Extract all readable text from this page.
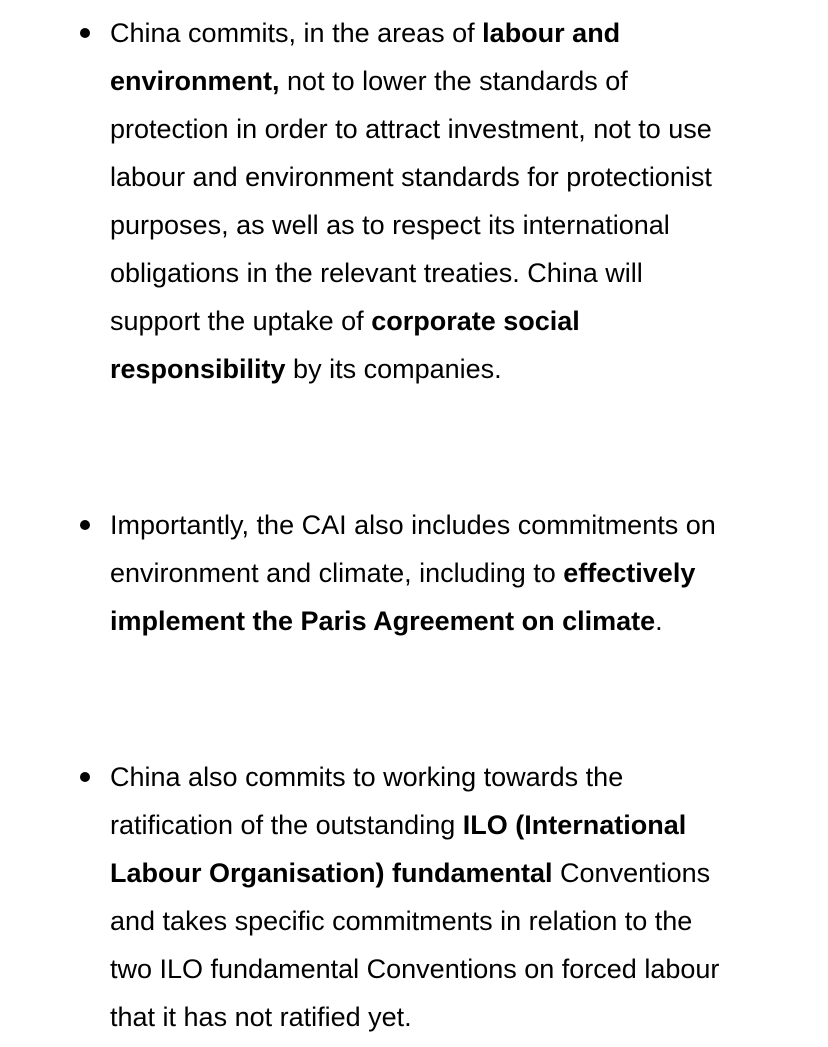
China commits, in the areas of labour and
environment, not to lower the standards of
protection in order to attract investment, not to use
labour and environment standards for protectionist
purposes, as well as to respect its international
obligations in the relevant treaties. China will
support the uptake of corporate social
responsibility by its companies.

Importantly, the CAI also includes commitments on
environment and climate, including to effectively
implement the Paris Agreement on climate.

China also commits to working towards the
ratification of the outstanding ILO (International
Labour Organisation) fundamental Conventions
and takes specific commitments in relation to the
two ILO fundamental Conventions on forced labour
that it has not ratified yet.
